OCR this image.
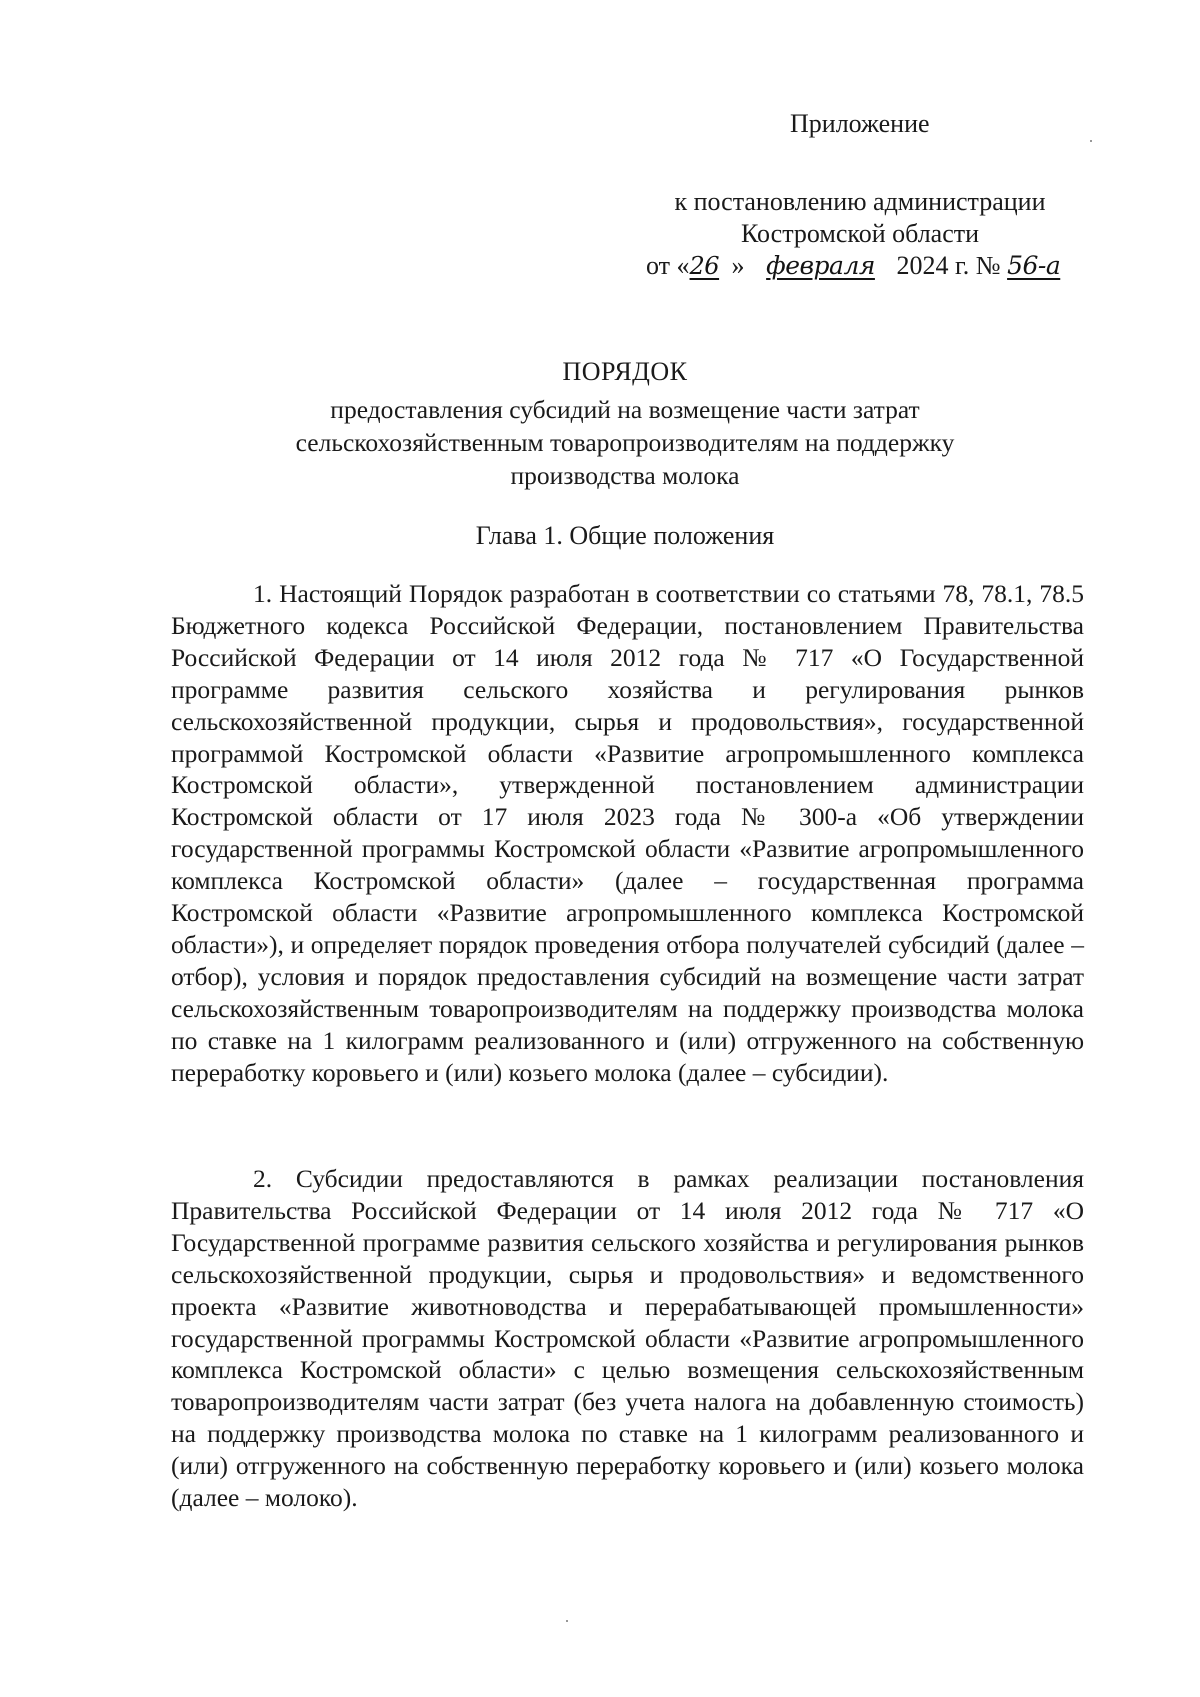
Приложение
к постановлению администрации
Костромской области
от «26 » февраля 2024 г. № 56-а
ПОРЯДОК
предоставления субсидий на возмещение части затрат
сельскохозяйственным товаропроизводителям на поддержку
производства молока
Глава 1. Общие положения

1. Настоящий Порядок разработан в соответствии со статьями 78, 78.1, 78.5 Бюджетного кодекса Российской Федерации, постановлением Правительства Российской Федерации от 14 июля 2012 года № 717 «О Государственной программе развития сельского хозяйства и регулирования рынков сельскохозяйственной продукции, сырья и продовольствия», государственной программой Костромской области «Развитие агропромышленного комплекса Костромской области», утвержденной постановлением администрации Костромской области от 17 июля 2023 года № 300-а «Об утверждении государственной программы Костромской области «Развитие агропромышленного комплекса Костромской области» (далее – государственная программа Костромской области «Развитие агропромышленного комплекса Костромской области»), и определяет порядок проведения отбора получателей субсидий (далее – отбор), условия и порядок предоставления субсидий на возмещение части затрат сельскохозяйственным товаропроизводителям на поддержку производства молока по ставке на 1 килограмм реализованного и (или) отгруженного на собственную переработку коровьего и (или) козьего молока (далее – субсидии).

2. Субсидии предоставляются в рамках реализации постановления Правительства Российской Федерации от 14 июля 2012 года № 717 «О Государственной программе развития сельского хозяйства и регулирования рынков сельскохозяйственной продукции, сырья и продовольствия» и ведомственного проекта «Развитие животноводства и перерабатывающей промышленности» государственной программы Костромской области «Развитие агропромышленного комплекса Костромской области» с целью возмещения сельскохозяйственным товаропроизводителям части затрат (без учета налога на добавленную стоимость) на поддержку производства молока по ставке на 1 килограмм реализованного и (или) отгруженного на собственную переработку коровьего и (или) козьего молока (далее – молоко).
